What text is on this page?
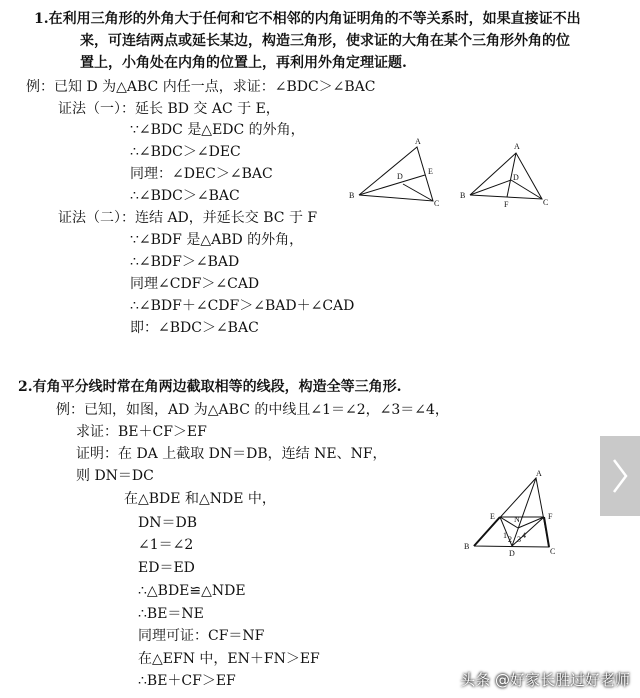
1.在利用三角形的外角大于任何和它不相邻的内角证明角的不等关系时，如果直接证不出
来，可连结两点或延长某边，构造三角形，使求证的大角在某个三角形外角的位
置上，小角处在内角的位置上，再利用外角定理证题.
例：已知 D 为△ABC 内任一点，求证：∠BDC＞∠BAC
证法（一）：延长 BD 交 AC 于 E，
∵∠BDC 是△EDC 的外角，
∴∠BDC＞∠DEC
同理：∠DEC＞∠BAC
∴∠BDC＞∠BAC
证法（二）：连结 AD，并延长交 BC 于 F
∵∠BDF 是△ABD 的外角，
∴∠BDF＞∠BAD
同理∠CDF＞∠CAD
∴∠BDF＋∠CDF＞∠BAD＋∠CAD
即：∠BDC＞∠BAC
A
E
D
B
C
A
D
F
B
C
2.有角平分线时常在角两边截取相等的线段，构造全等三角形.
例：已知，如图，AD 为△ABC 的中线且∠1＝∠2，∠3＝∠4，
求证：BE＋CF＞EF
证明：在 DA 上截取 DN＝DB，连结 NE、NF，
则 DN＝DC
在△BDE 和△NDE 中，
DN＝DB
∠1＝∠2
ED＝ED
∴△BDE≌△NDE
∴BE＝NE
同理可证：CF＝NF
在△EFN 中，EN＋FN＞EF
∴BE＋CF＞EF
A
E	F
N
1 2 3 4
B
D	C
头条 @好家长胜过好老师
